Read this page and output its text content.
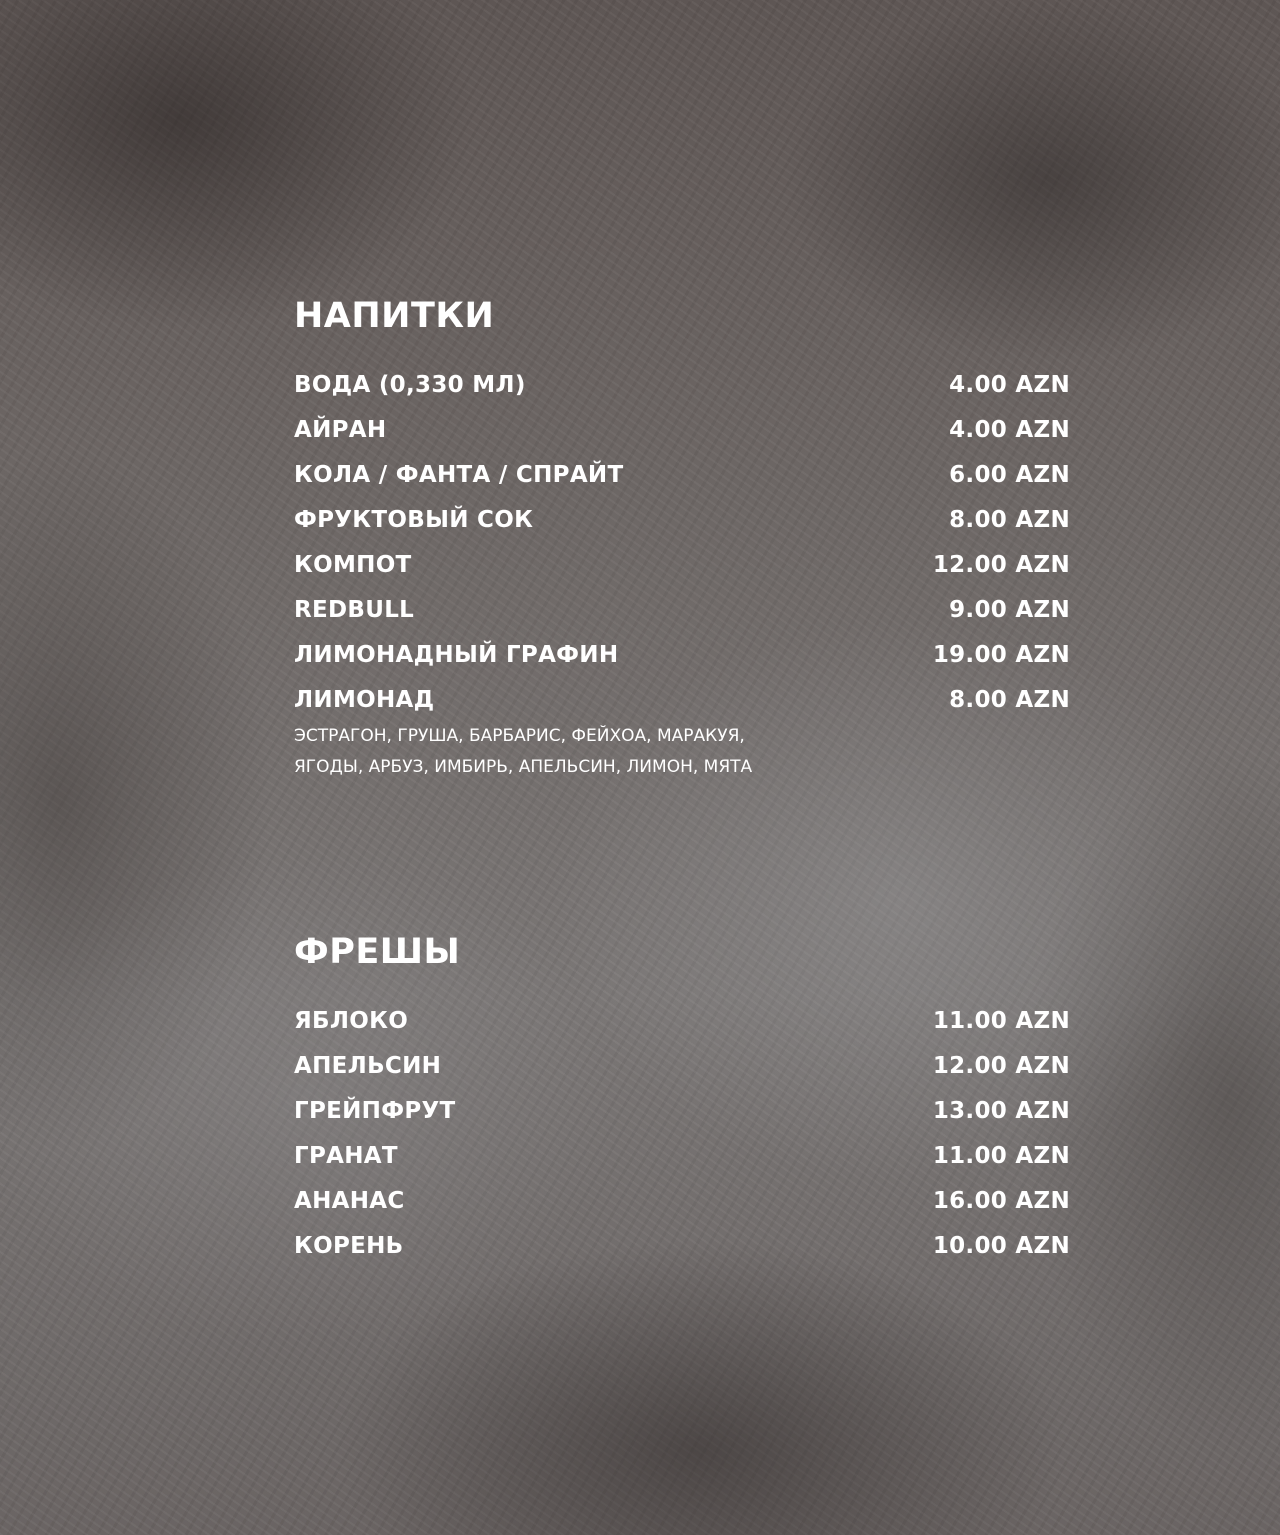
НАПИТКИ
ВОДА (0,330 МЛ)	4.00 AZN
АЙРАН	4.00 AZN
КОЛА / ФАНТА / СПРАЙТ	6.00 AZN
ФРУКТОВЫЙ СОК	8.00 AZN
КОМПОТ	12.00 AZN
REDBULL	9.00 AZN
ЛИМОНАДНЫЙ ГРАФИН	19.00 AZN
ЛИМОНАД	8.00 AZN
ЭСТРАГОН, ГРУША, БАРБАРИС, ФЕЙХОА, МАРАКУЯ,
ЯГОДЫ, АРБУЗ, ИМБИРЬ, АПЕЛЬСИН, ЛИМОН, МЯТА
ФРЕШЫ
ЯБЛОКО	11.00 AZN
АПЕЛЬСИН	12.00 AZN
ГРЕЙПФРУТ	13.00 AZN
ГРАНАТ	11.00 AZN
АНАНАС	16.00 AZN
КОРЕНЬ	10.00 AZN
